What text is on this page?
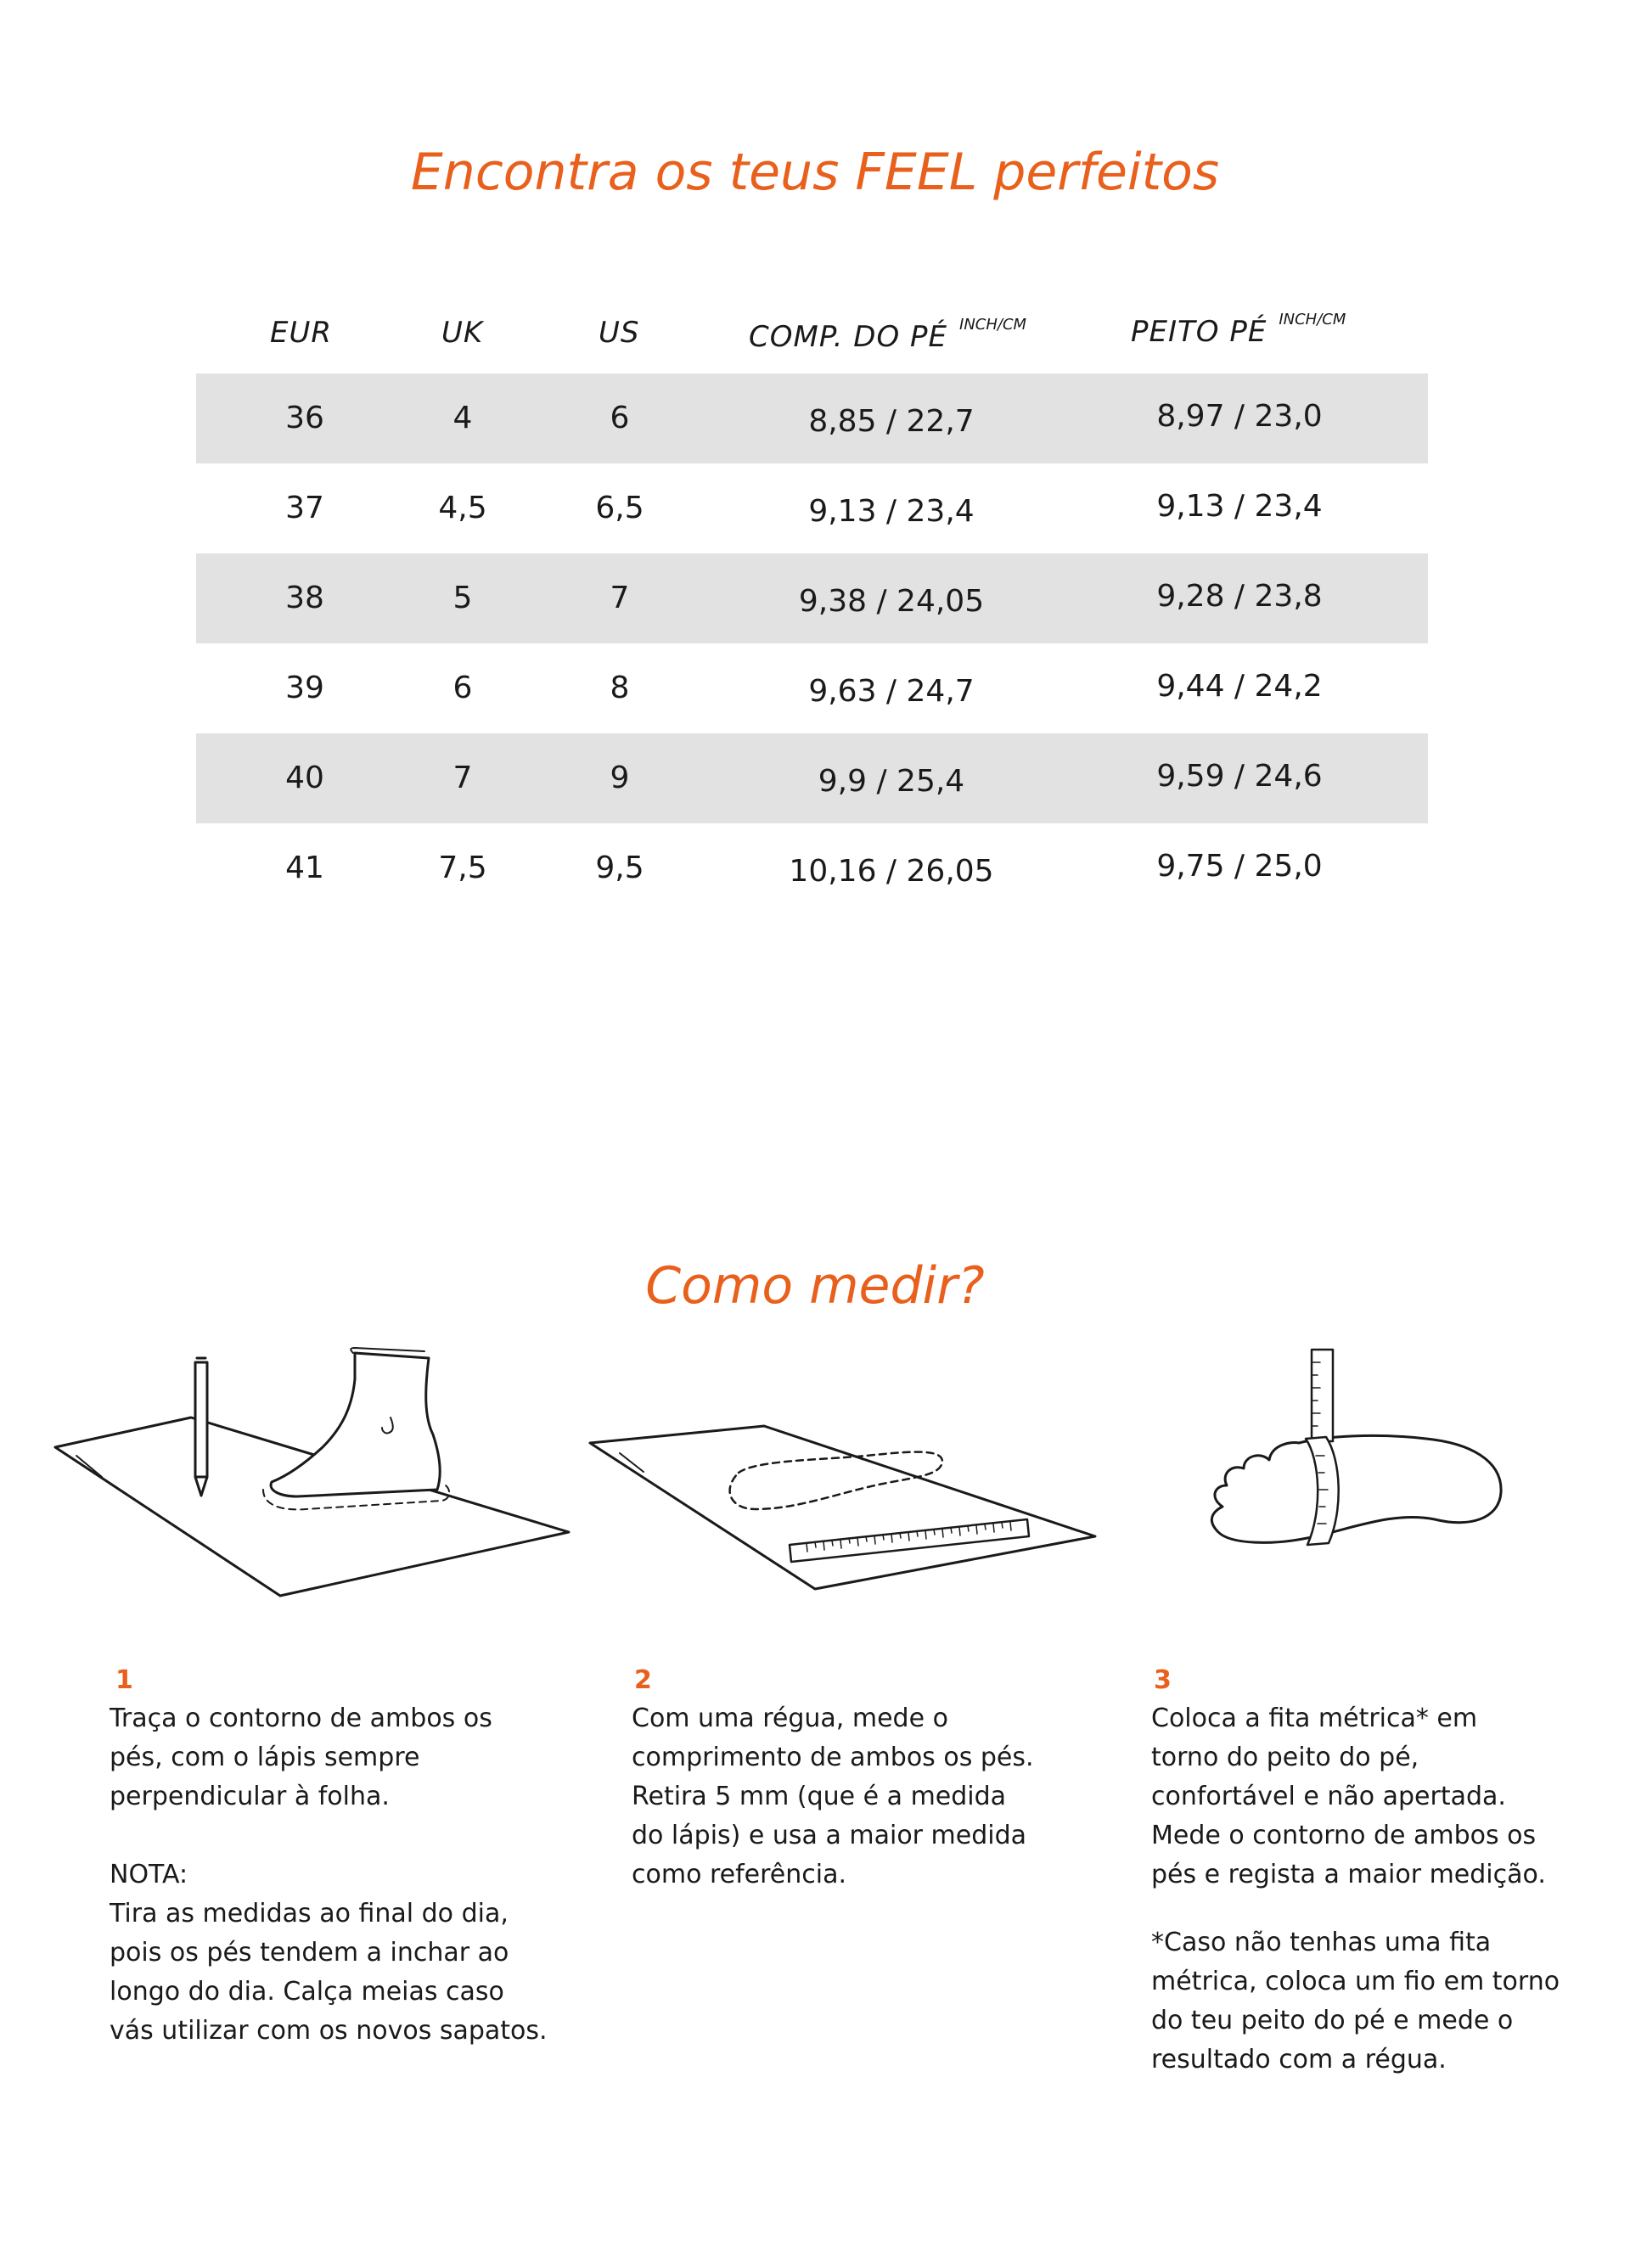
Encontra os teus FEEL perfeitos
EUR	UK	US	COMP. DO PÉ $^{INCH/CM}$	PEITO PÉ $^{INCH/CM}$
36	4	6	8,85 / 22,7	8,97 / 23,0
37	4,5	6,5	9,13 / 23,4	9,13 / 23,4
38	5	7	9,38 / 24,05	9,28 / 23,8
39	6	8	9,63 / 24,7	9,44 / 24,2
40	7	9	9,9 / 25,4	9,59 / 24,6
41	7,5	9,5	10,16 / 26,05	9,75 / 25,0
Como medir?
1

Traça o contorno de ambos os
pés, com o lápis sempre
perpendicular à folha.

NOTA:

Tira as medidas ao final do dia,
pois os pés tendem a inchar ao
longo do dia. Calça meias caso
vás utilizar com os novos sapatos.

2

Com uma régua, mede o
comprimento de ambos os pés.
Retira 5 mm (que é a medida
do lápis) e usa a maior medida
como referência.

3

Coloca a fita métrica* em
torno do peito do pé,
confortável e não apertada.
Mede o contorno de ambos os
pés e regista a maior medição.

*Caso não tenhas uma fita
métrica, coloca um fio em torno
do teu peito do pé e mede o
resultado com a régua.
